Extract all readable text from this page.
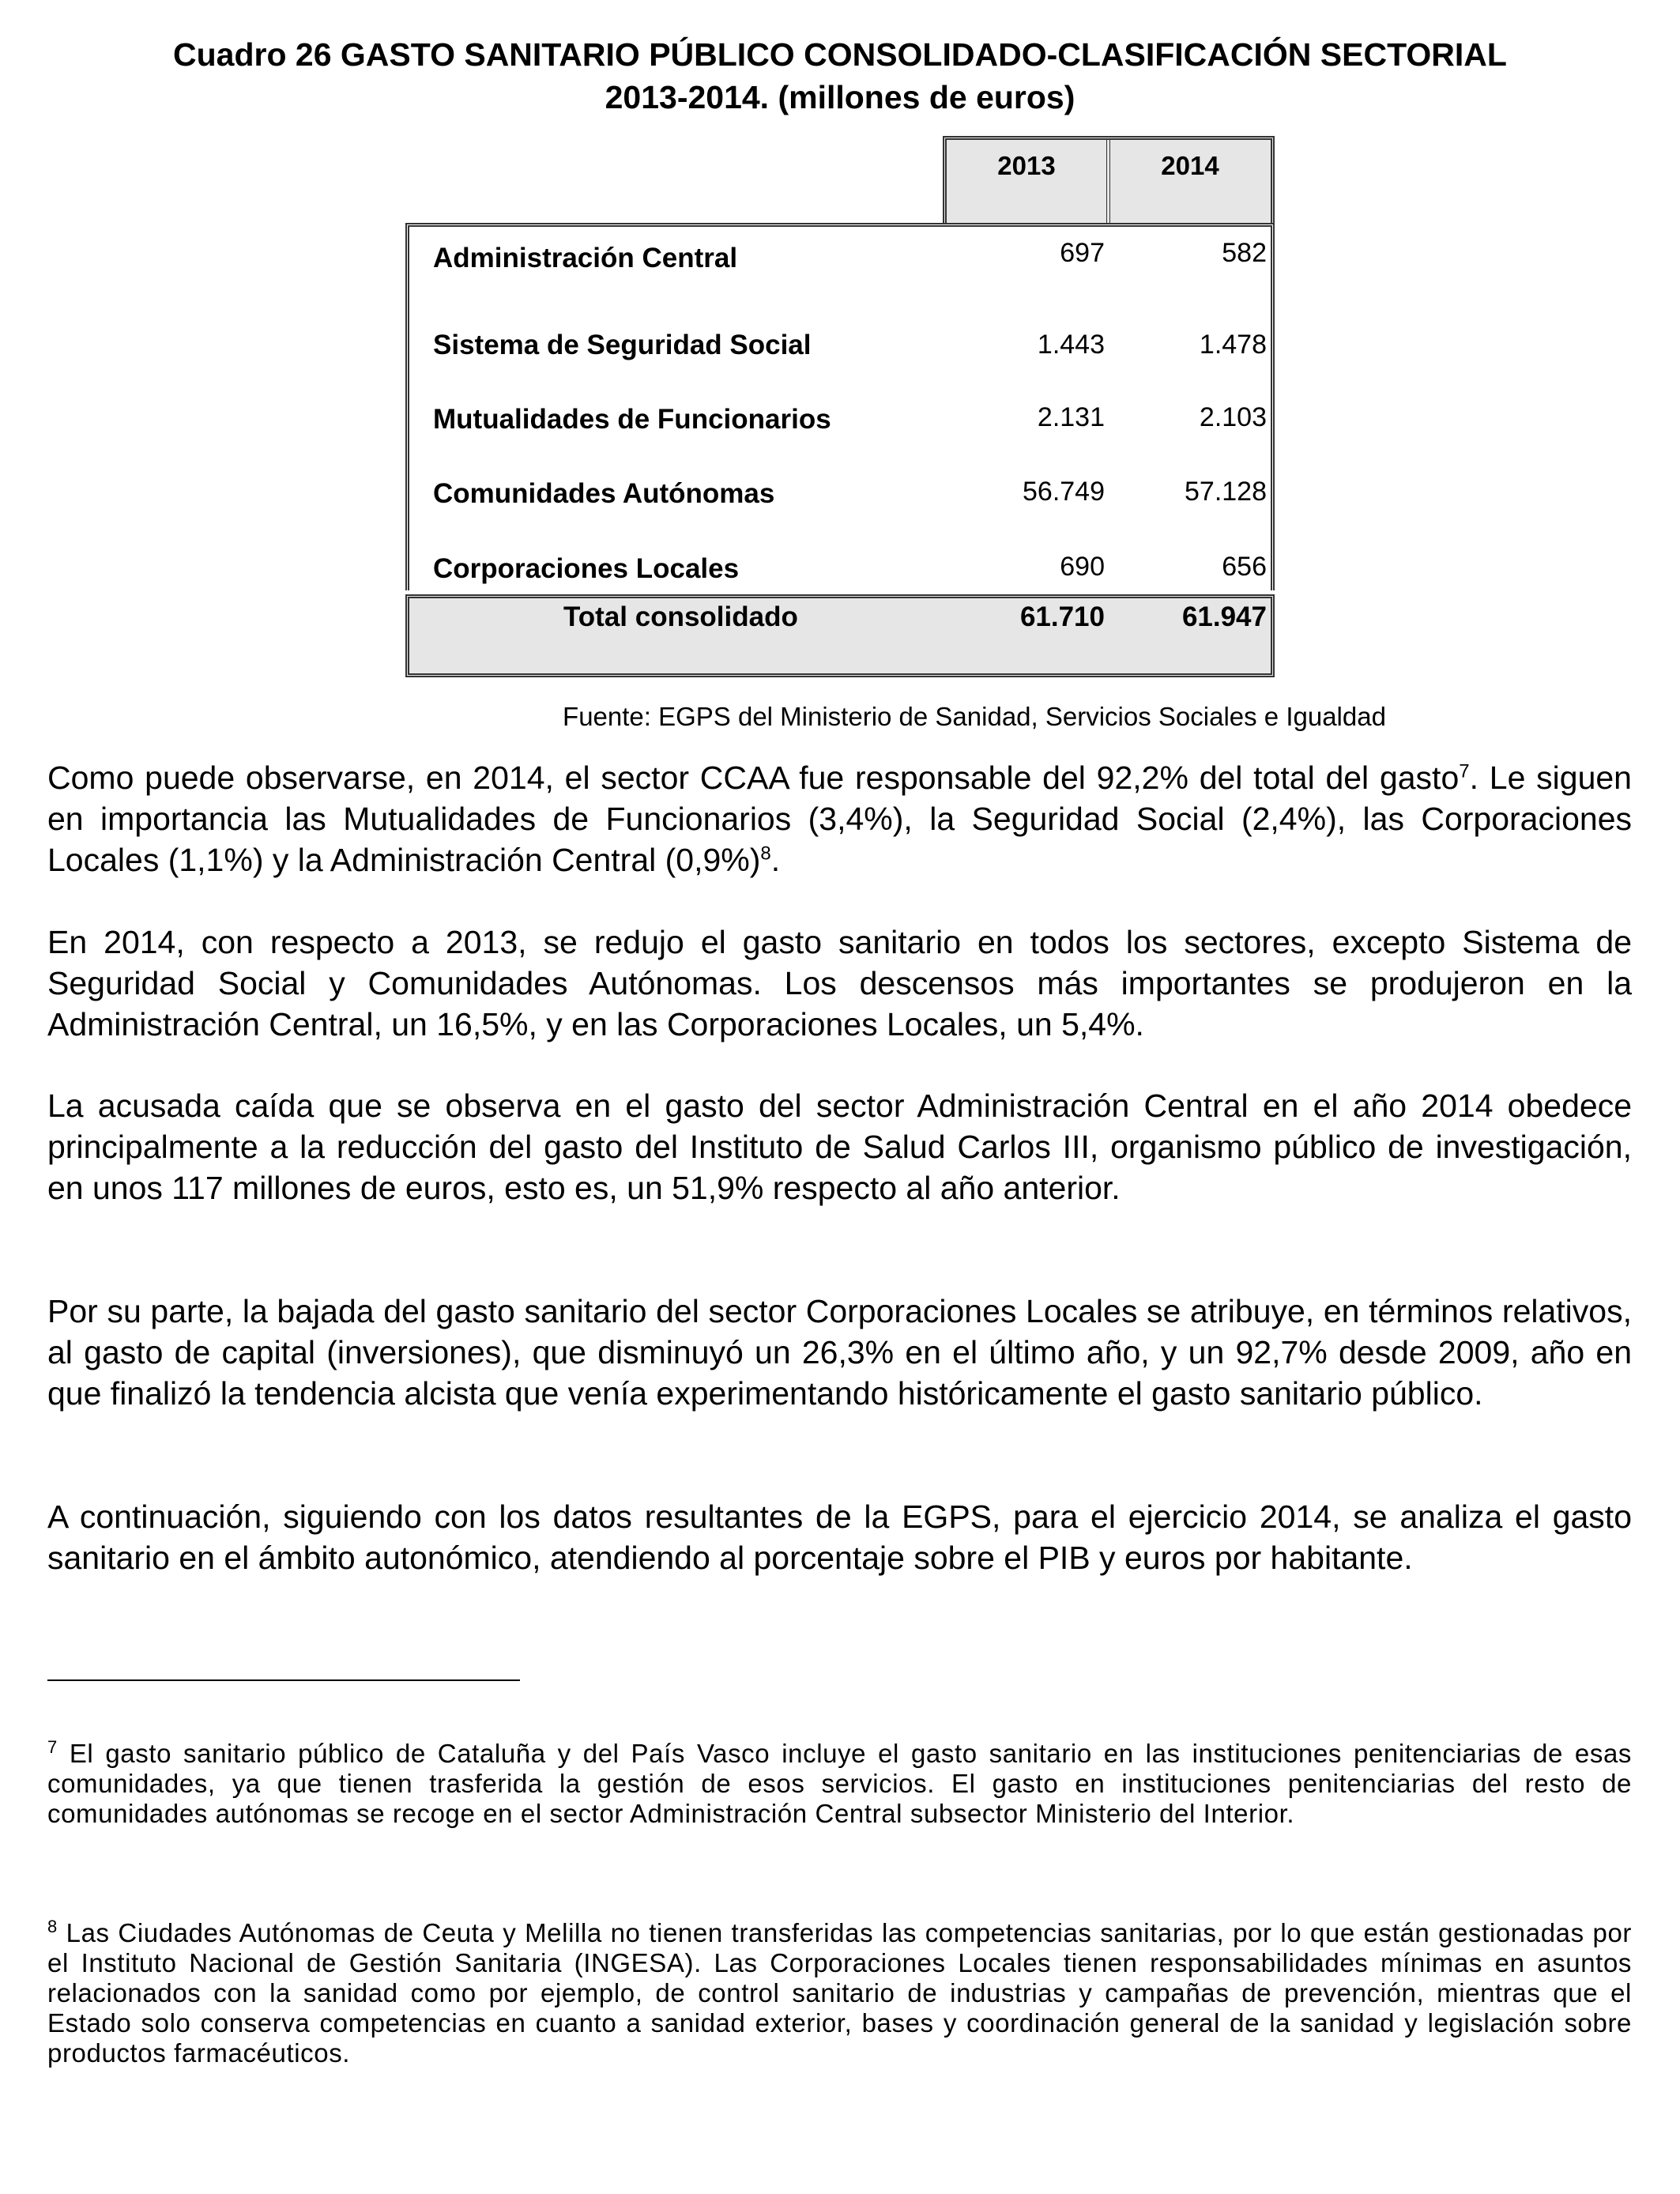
Cuadro 26 GASTO SANITARIO PÚBLICO CONSOLIDADO-CLASIFICACIÓN SECTORIAL
2013-2014. (millones de euros)
2013	2014
Administración Central	697	582
Sistema de Seguridad Social	1.443	1.478
Mutualidades de Funcionarios	2.131	2.103
Comunidades Autónomas	56.749	57.128
Corporaciones Locales	690	656
Total consolidado	61.710	61.947
Fuente: EGPS del Ministerio de Sanidad, Servicios Sociales e Igualdad
Como puede observarse, en 2014, el sector CCAA fue responsable del 92,2% del total del gasto$^7$. Le siguen en importancia las Mutualidades de Funcionarios (3,4%), la Seguridad Social (2,4%), las Corporaciones Locales (1,1%) y la Administración Central $(0,9\%)^8$.
En 2014, con respecto a 2013, se redujo el gasto sanitario en todos los sectores, excepto Sistema de Seguridad Social y Comunidades Autónomas. Los descensos más importantes se produjeron en la Administración Central, un 16,5%, y en las Corporaciones Locales, un 5,4%.
La acusada caída que se observa en el gasto del sector Administración Central en el año 2014 obedece principalmente a la reducción del gasto del Instituto de Salud Carlos III, organismo público de investigación, en unos 117 millones de euros, esto es, un 51,9% respecto al año anterior.
Por su parte, la bajada del gasto sanitario del sector Corporaciones Locales se atribuye, en términos relativos, al gasto de capital (inversiones), que disminuyó un 26,3% en el último año, y un 92,7% desde 2009, año en que finalizó la tendencia alcista que venía experimentando históricamente el gasto sanitario público.
A continuación, siguiendo con los datos resultantes de la EGPS, para el ejercicio 2014, se analiza el gasto sanitario en el ámbito autonómico, atendiendo al porcentaje sobre el PIB y euros por habitante.
$^7$ El gasto sanitario público de Cataluña y del País Vasco incluye el gasto sanitario en las instituciones penitenciarias de esas comunidades, ya que tienen trasferida la gestión de esos servicios. El gasto en instituciones penitenciarias del resto de comunidades autónomas se recoge en el sector Administración Central subsector Ministerio del Interior.
$^8$ Las Ciudades Autónomas de Ceuta y Melilla no tienen transferidas las competencias sanitarias, por lo que están gestionadas por el Instituto Nacional de Gestión Sanitaria (INGESA). Las Corporaciones Locales tienen responsabilidades mínimas en asuntos relacionados con la sanidad como por ejemplo, de control sanitario de industrias y campañas de prevención, mientras que el Estado solo conserva competencias en cuanto a sanidad exterior, bases y coordinación general de la sanidad y legislación sobre productos farmacéuticos.
